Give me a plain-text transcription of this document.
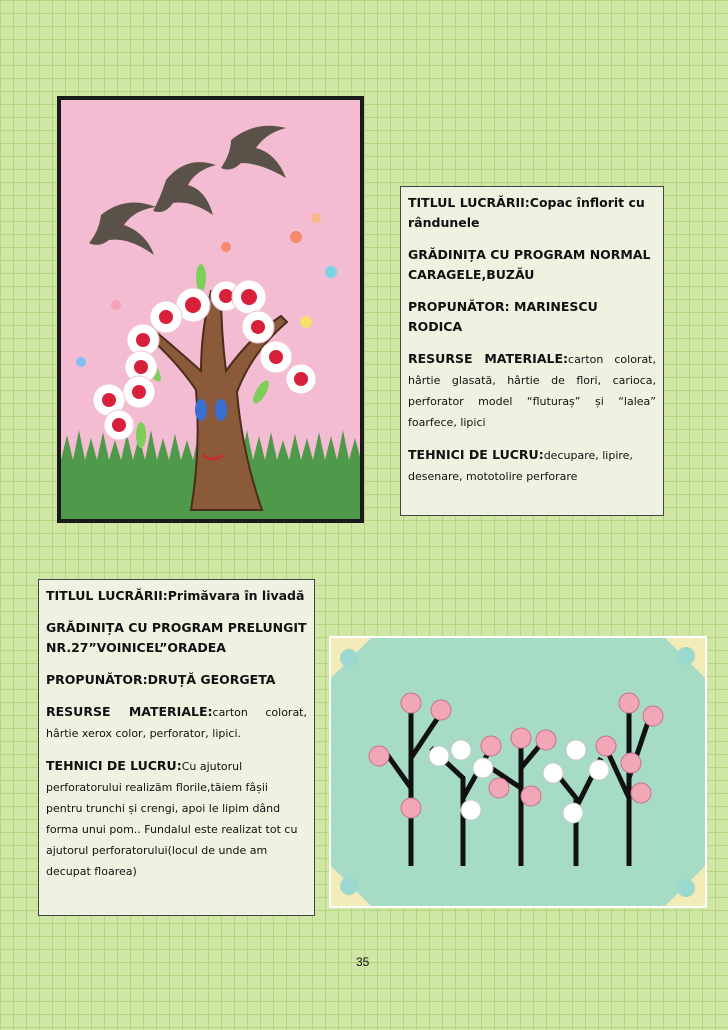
TITLUL LUCRĂRII:Copac înflorit cu rândunele

GRĂDINIȚA CU PROGRAM NORMAL CARAGELE,BUZĂU

PROPUNĂTOR: MARINESCU RODICA

RESURSE MATERIALE:carton colorat, hârtie glasată, hârtie de flori, carioca, perforator model “fluturaș” și “lalea” foarfece, lipici

TEHNICI DE LUCRU:decupare, lipire, desenare, mototolire perforare

TITLUL LUCRĂRII:Primăvara în livadă

GRĂDINIȚA CU PROGRAM PRELUNGIT NR.27”VOINICEL”ORADEA

PROPUNĂTOR:DRUȚĂ GEORGETA

RESURSE MATERIALE:carton colorat, hârtie xerox color, perforator, lipici.

TEHNICI DE LUCRU:Cu ajutorul perforatorului realizăm florile,tăiem fâșii pentru trunchi și crengi, apoi le lipim dând forma unui pom.. Fundalul este realizat tot cu ajutorul perforatorului(locul de unde am decupat floarea)

35
